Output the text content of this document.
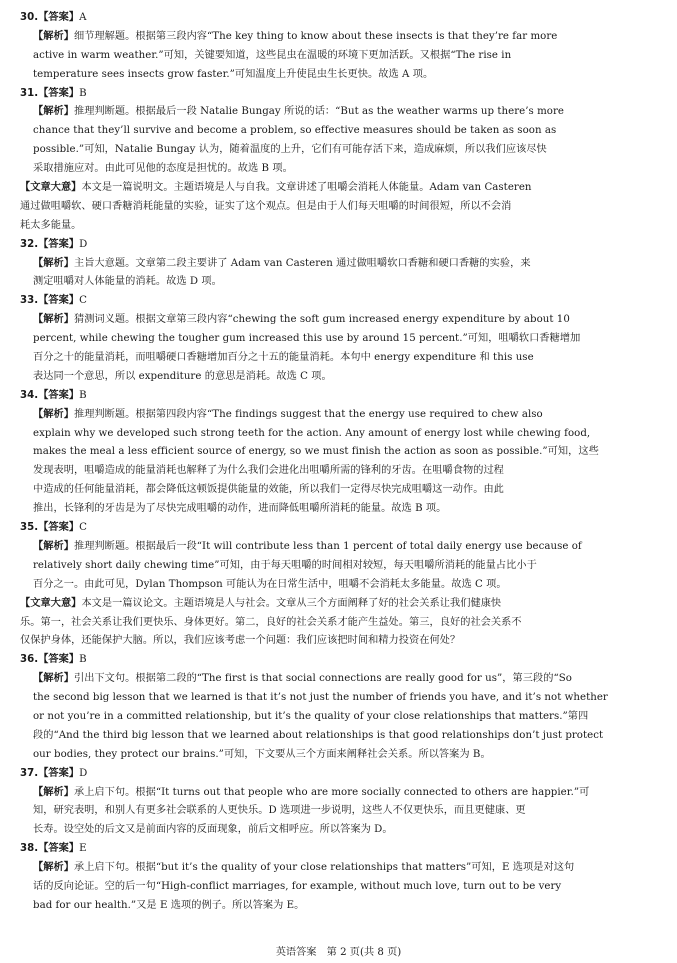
30.【答案】A
【解析】细节理解题。根据第三段内容“The key thing to know about these insects is that they’re far more
active in warm weather.”可知，关键要知道，这些昆虫在温暖的环境下更加活跃。又根据“The rise in
temperature sees insects grow faster.”可知温度上升使昆虫生长更快。故选 A 项。
31.【答案】B
【解析】推理判断题。根据最后一段 Natalie Bungay 所说的话：“But as the weather warms up there’s more
chance that they’ll survive and become a problem, so effective measures should be taken as soon as
possible.”可知，Natalie Bungay 认为，随着温度的上升，它们有可能存活下来，造成麻烦，所以我们应该尽快
采取措施应对。由此可见他的态度是担忧的。故选 B 项。
【文章大意】本文是一篇说明文。主题语境是人与自我。文章讲述了咀嚼会消耗人体能量。Adam van Casteren
通过做咀嚼软、硬口香糖消耗能量的实验，证实了这个观点。但是由于人们每天咀嚼的时间很短，所以不会消
耗太多能量。
32.【答案】D
【解析】主旨大意题。文章第二段主要讲了 Adam van Casteren 通过做咀嚼软口香糖和硬口香糖的实验，来
测定咀嚼对人体能量的消耗。故选 D 项。
33.【答案】C
【解析】猜测词义题。根据文章第三段内容“chewing the soft gum increased energy expenditure by about 10
percent, while chewing the tougher gum increased this use by around 15 percent.”可知，咀嚼软口香糖增加
百分之十的能量消耗，而咀嚼硬口香糖增加百分之十五的能量消耗。本句中 energy expenditure 和 this use
表达同一个意思，所以 expenditure 的意思是消耗。故选 C 项。
34.【答案】B
【解析】推理判断题。根据第四段内容“The findings suggest that the energy use required to chew also
explain why we developed such strong teeth for the action. Any amount of energy lost while chewing food,
makes the meal a less efficient source of energy, so we must finish the action as soon as possible.”可知，这些
发现表明，咀嚼造成的能量消耗也解释了为什么我们会进化出咀嚼所需的锋利的牙齿。在咀嚼食物的过程
中造成的任何能量消耗，都会降低这顿饭提供能量的效能，所以我们一定得尽快完成咀嚼这一动作。由此
推出，长锋利的牙齿是为了尽快完成咀嚼的动作，进而降低咀嚼所消耗的能量。故选 B 项。
35.【答案】C
【解析】推理判断题。根据最后一段“It will contribute less than 1 percent of total daily energy use because of
relatively short daily chewing time”可知，由于每天咀嚼的时间相对较短，每天咀嚼所消耗的能量占比小于
百分之一。由此可见，Dylan Thompson 可能认为在日常生活中，咀嚼不会消耗太多能量。故选 C 项。
【文章大意】本文是一篇议论文。主题语境是人与社会。文章从三个方面阐释了好的社会关系让我们健康快
乐。第一，社会关系让我们更快乐、身体更好。第二，良好的社会关系才能产生益处。第三，良好的社会关系不
仅保护身体，还能保护大脑。所以，我们应该考虑一个问题：我们应该把时间和精力投资在何处？
36.【答案】B
【解析】引出下文句。根据第二段的“The first is that social connections are really good for us”，第三段的“So
the second big lesson that we learned is that it’s not just the number of friends you have, and it’s not whether
or not you’re in a committed relationship, but it’s the quality of your close relationships that matters.”第四
段的“And the third big lesson that we learned about relationships is that good relationships don’t just protect
our bodies, they protect our brains.”可知，下文要从三个方面来阐释社会关系。所以答案为 B。
37.【答案】D
【解析】承上启下句。根据“It turns out that people who are more socially connected to others are happier.”可
知，研究表明，和别人有更多社会联系的人更快乐。D 选项进一步说明，这些人不仅更快乐，而且更健康、更
长寿。设空处的后文又是前面内容的反面现象，前后文相呼应。所以答案为 D。
38.【答案】E
【解析】承上启下句。根据“but it’s the quality of your close relationships that matters”可知，E 选项是对这句
话的反向论证。空的后一句“High-conflict marriages, for example, without much love, turn out to be very
bad for our health.”又是 E 选项的例子。所以答案为 E。
英语答案　第 2 页(共 8 页)
